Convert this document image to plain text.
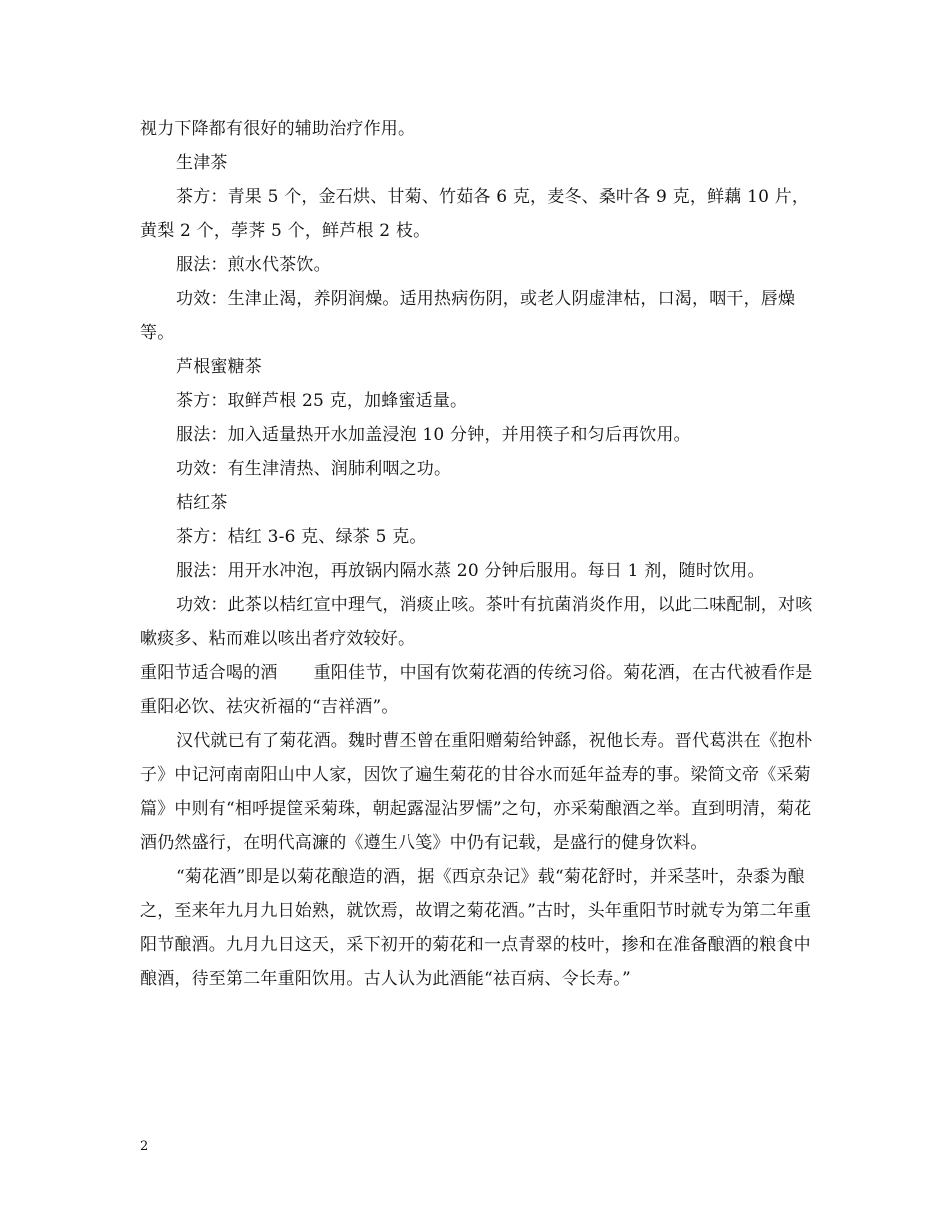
视力下降都有很好的辅助治疗作用。

生津茶

茶方：青果 5 个，金石烘、甘菊、竹茹各 6 克，麦冬、桑叶各 9 克，鲜藕 10 片，黄梨 2 个，荸荠 5 个，鲜芦根 2 枝。

服法：煎水代茶饮。

功效：生津止渴，养阴润燥。适用热病伤阴，或老人阴虚津枯，口渴，咽干，唇燥等。

芦根蜜糖茶

茶方：取鲜芦根 25 克，加蜂蜜适量。

服法：加入适量热开水加盖浸泡 10 分钟，并用筷子和匀后再饮用。

功效：有生津清热、润肺利咽之功。

桔红茶

茶方：桔红 3-6 克、绿茶 5 克。

服法：用开水冲泡，再放锅内隔水蒸 20 分钟后服用。每日 1 剂，随时饮用。

功效：此茶以桔红宣中理气，消痰止咳。茶叶有抗菌消炎作用，以此二味配制，对咳嗽痰多、粘而难以咳出者疗效较好。

重阳节适合喝的酒 重阳佳节，中国有饮菊花酒的传统习俗。菊花酒，在古代被看作是重阳必饮、祛灾祈福的“吉祥酒”。

汉代就已有了菊花酒。魏时曹丕曾在重阳赠菊给钟繇，祝他长寿。晋代葛洪在《抱朴子》中记河南南阳山中人家，因饮了遍生菊花的甘谷水而延年益寿的事。梁简文帝《采菊篇》中则有“相呼提筐采菊珠，朝起露湿沾罗懦”之句，亦采菊酿酒之举。直到明清，菊花酒仍然盛行，在明代高濂的《遵生八笺》中仍有记载，是盛行的健身饮料。

“菊花酒”即是以菊花酿造的酒，据《西京杂记》载“菊花舒时，并采茎叶，杂黍为酿之，至来年九月九日始熟，就饮焉，故谓之菊花酒。”古时，头年重阳节时就专为第二年重阳节酿酒。九月九日这天，采下初开的菊花和一点青翠的枝叶，掺和在准备酿酒的粮食中酿酒，待至第二年重阳饮用。古人认为此酒能“祛百病、令长寿。”

2
